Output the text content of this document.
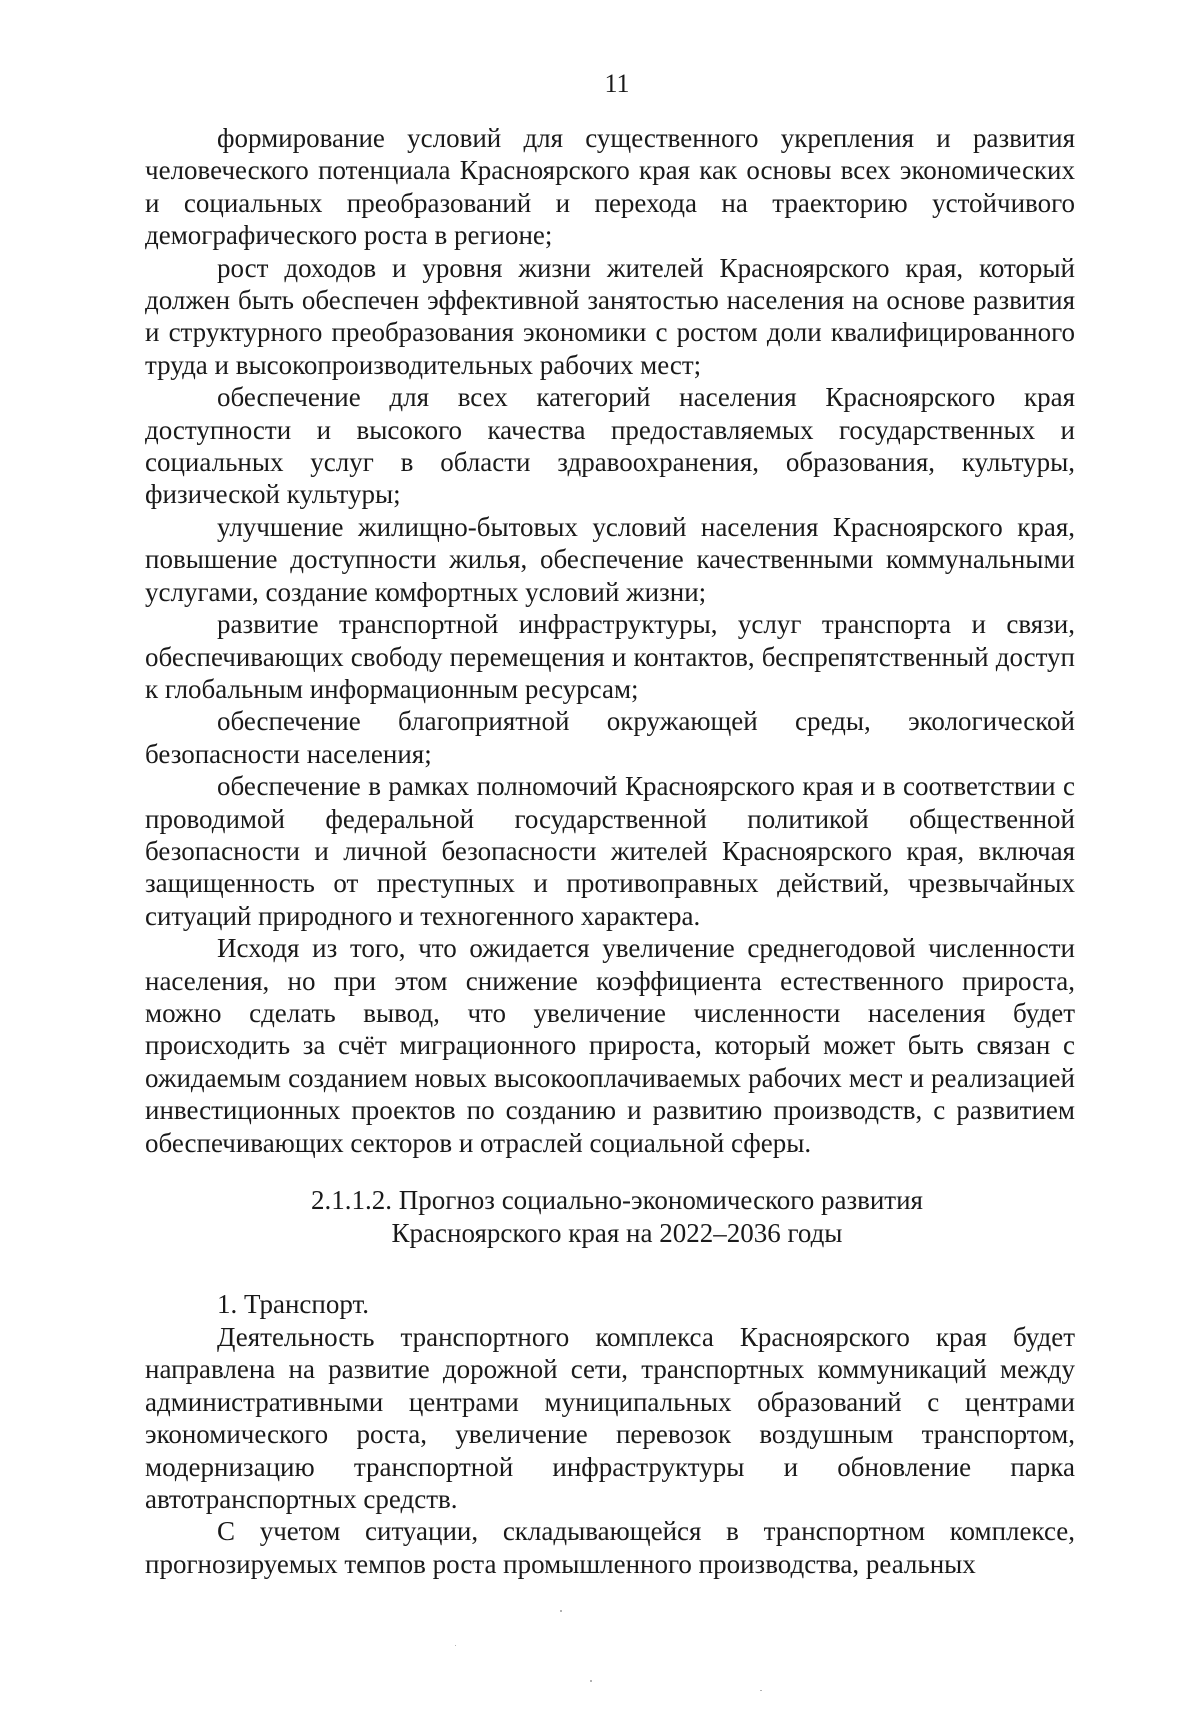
11

формирование условий для существенного укрепления и развития человеческого потенциала Красноярского края как основы всех экономических и социальных преобразований и перехода на траекторию устойчивого демографического роста в регионе;

рост доходов и уровня жизни жителей Красноярского края, который должен быть обеспечен эффективной занятостью населения на основе развития и структурного преобразования экономики с ростом доли квалифицированного труда и высокопроизводительных рабочих мест;

обеспечение для всех категорий населения Красноярского края доступности и высокого качества предоставляемых государственных и социальных услуг в области здравоохранения, образования, культуры, физической культуры;

улучшение жилищно-бытовых условий населения Красноярского края, повышение доступности жилья, обеспечение качественными коммунальными услугами, создание комфортных условий жизни;

развитие транспортной инфраструктуры, услуг транспорта и связи, обеспечивающих свободу перемещения и контактов, беспрепятственный доступ к глобальным информационным ресурсам;

обеспечение благоприятной окружающей среды, экологической безопасности населения;

обеспечение в рамках полномочий Красноярского края и в соответствии с проводимой федеральной государственной политикой общественной безопасности и личной безопасности жителей Красноярского края, включая защищенность от преступных и противоправных действий, чрезвычайных ситуаций природного и техногенного характера.

Исходя из того, что ожидается увеличение среднегодовой численности населения, но при этом снижение коэффициента естественного прироста, можно сделать вывод, что увеличение численности населения будет происходить за счёт миграционного прироста, который может быть связан с ожидаемым созданием новых высокооплачиваемых рабочих мест и реализацией инвестиционных проектов по созданию и развитию производств, с развитием обеспечивающих секторов и отраслей социальной сферы.

2.1.1.2. Прогноз социально-экономического развития
Красноярского края на 2022–2036 годы

1. Транспорт.

Деятельность транспортного комплекса Красноярского края будет направлена на развитие дорожной сети, транспортных коммуникаций между административными центрами муниципальных образований с центрами экономического роста, увеличение перевозок воздушным транспортом, модернизацию транспортной инфраструктуры и обновление парка автотранспортных средств.

С учетом ситуации, складывающейся в транспортном комплексе, прогнозируемых темпов роста промышленного производства, реальных
